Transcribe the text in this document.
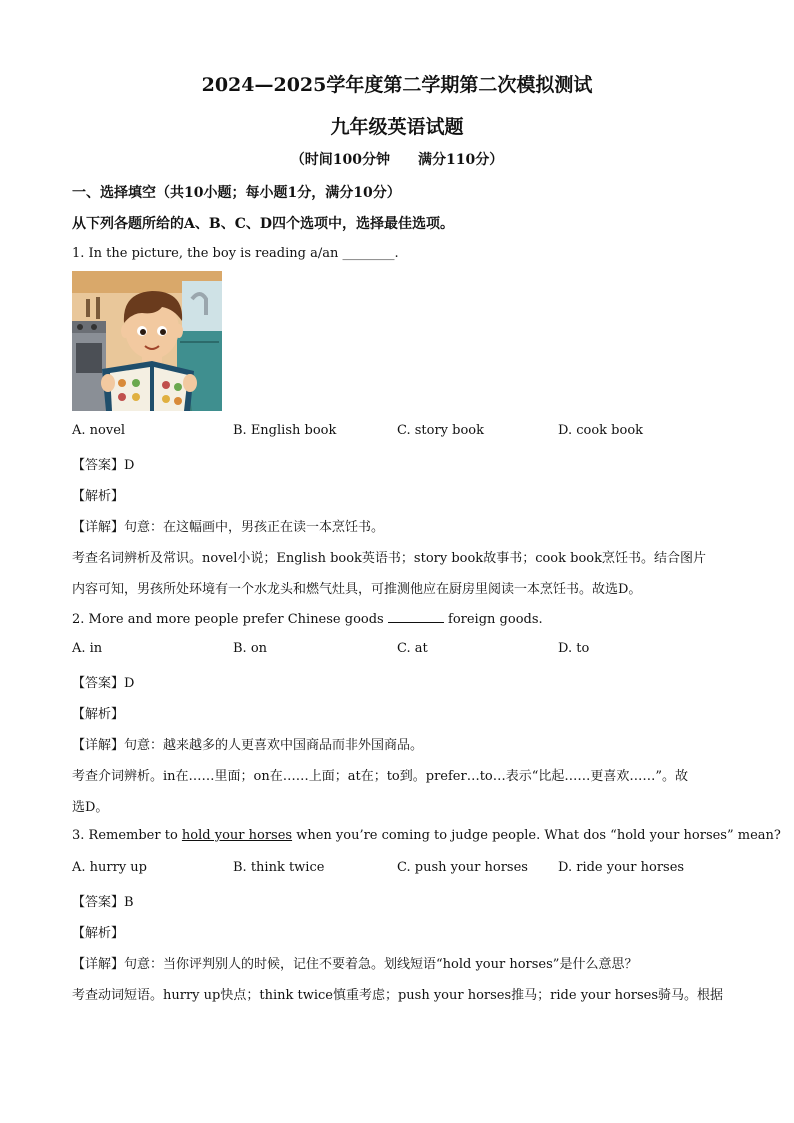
2024—2025学年度第二学期第二次模拟测试
九年级英语试题
（时间100分钟　　满分110分）
一、选择填空（共10小题；每小题1分，满分10分）
从下列各题所给的A、B、C、D四个选项中，选择最佳选项。
1. In the picture, the boy is reading a/an ________.
A. novel	B. English book	C. story book	D. cook book
【答案】D
【解析】
【详解】句意：在这幅画中，男孩正在读一本烹饪书。
考查名词辨析及常识。novel小说；English book英语书；story book故事书；cook book烹饪书。结合图片
内容可知，男孩所处环境有一个水龙头和燃气灶具，可推测他应在厨房里阅读一本烹饪书。故选D。
2. More and more people prefer Chinese goods	foreign goods.
A. in	B. on	C. at	D. to
【答案】D
【解析】
【详解】句意：越来越多的人更喜欢中国商品而非外国商品。
考查介词辨析。in在……里面；on在……上面；at在；to到。prefer…to…表示“比起……更喜欢……”。故
选D。
3. Remember to hold your horses when you’re coming to judge people. What dos “hold your horses” mean?
A. hurry up	B. think twice	C. push your horses D. ride your horses
【答案】B
【解析】
【详解】句意：当你评判别人的时候，记住不要着急。划线短语“hold your horses”是什么意思？
考查动词短语。hurry up快点；think twice慎重考虑；push your horses推马；ride your horses骑马。根据
